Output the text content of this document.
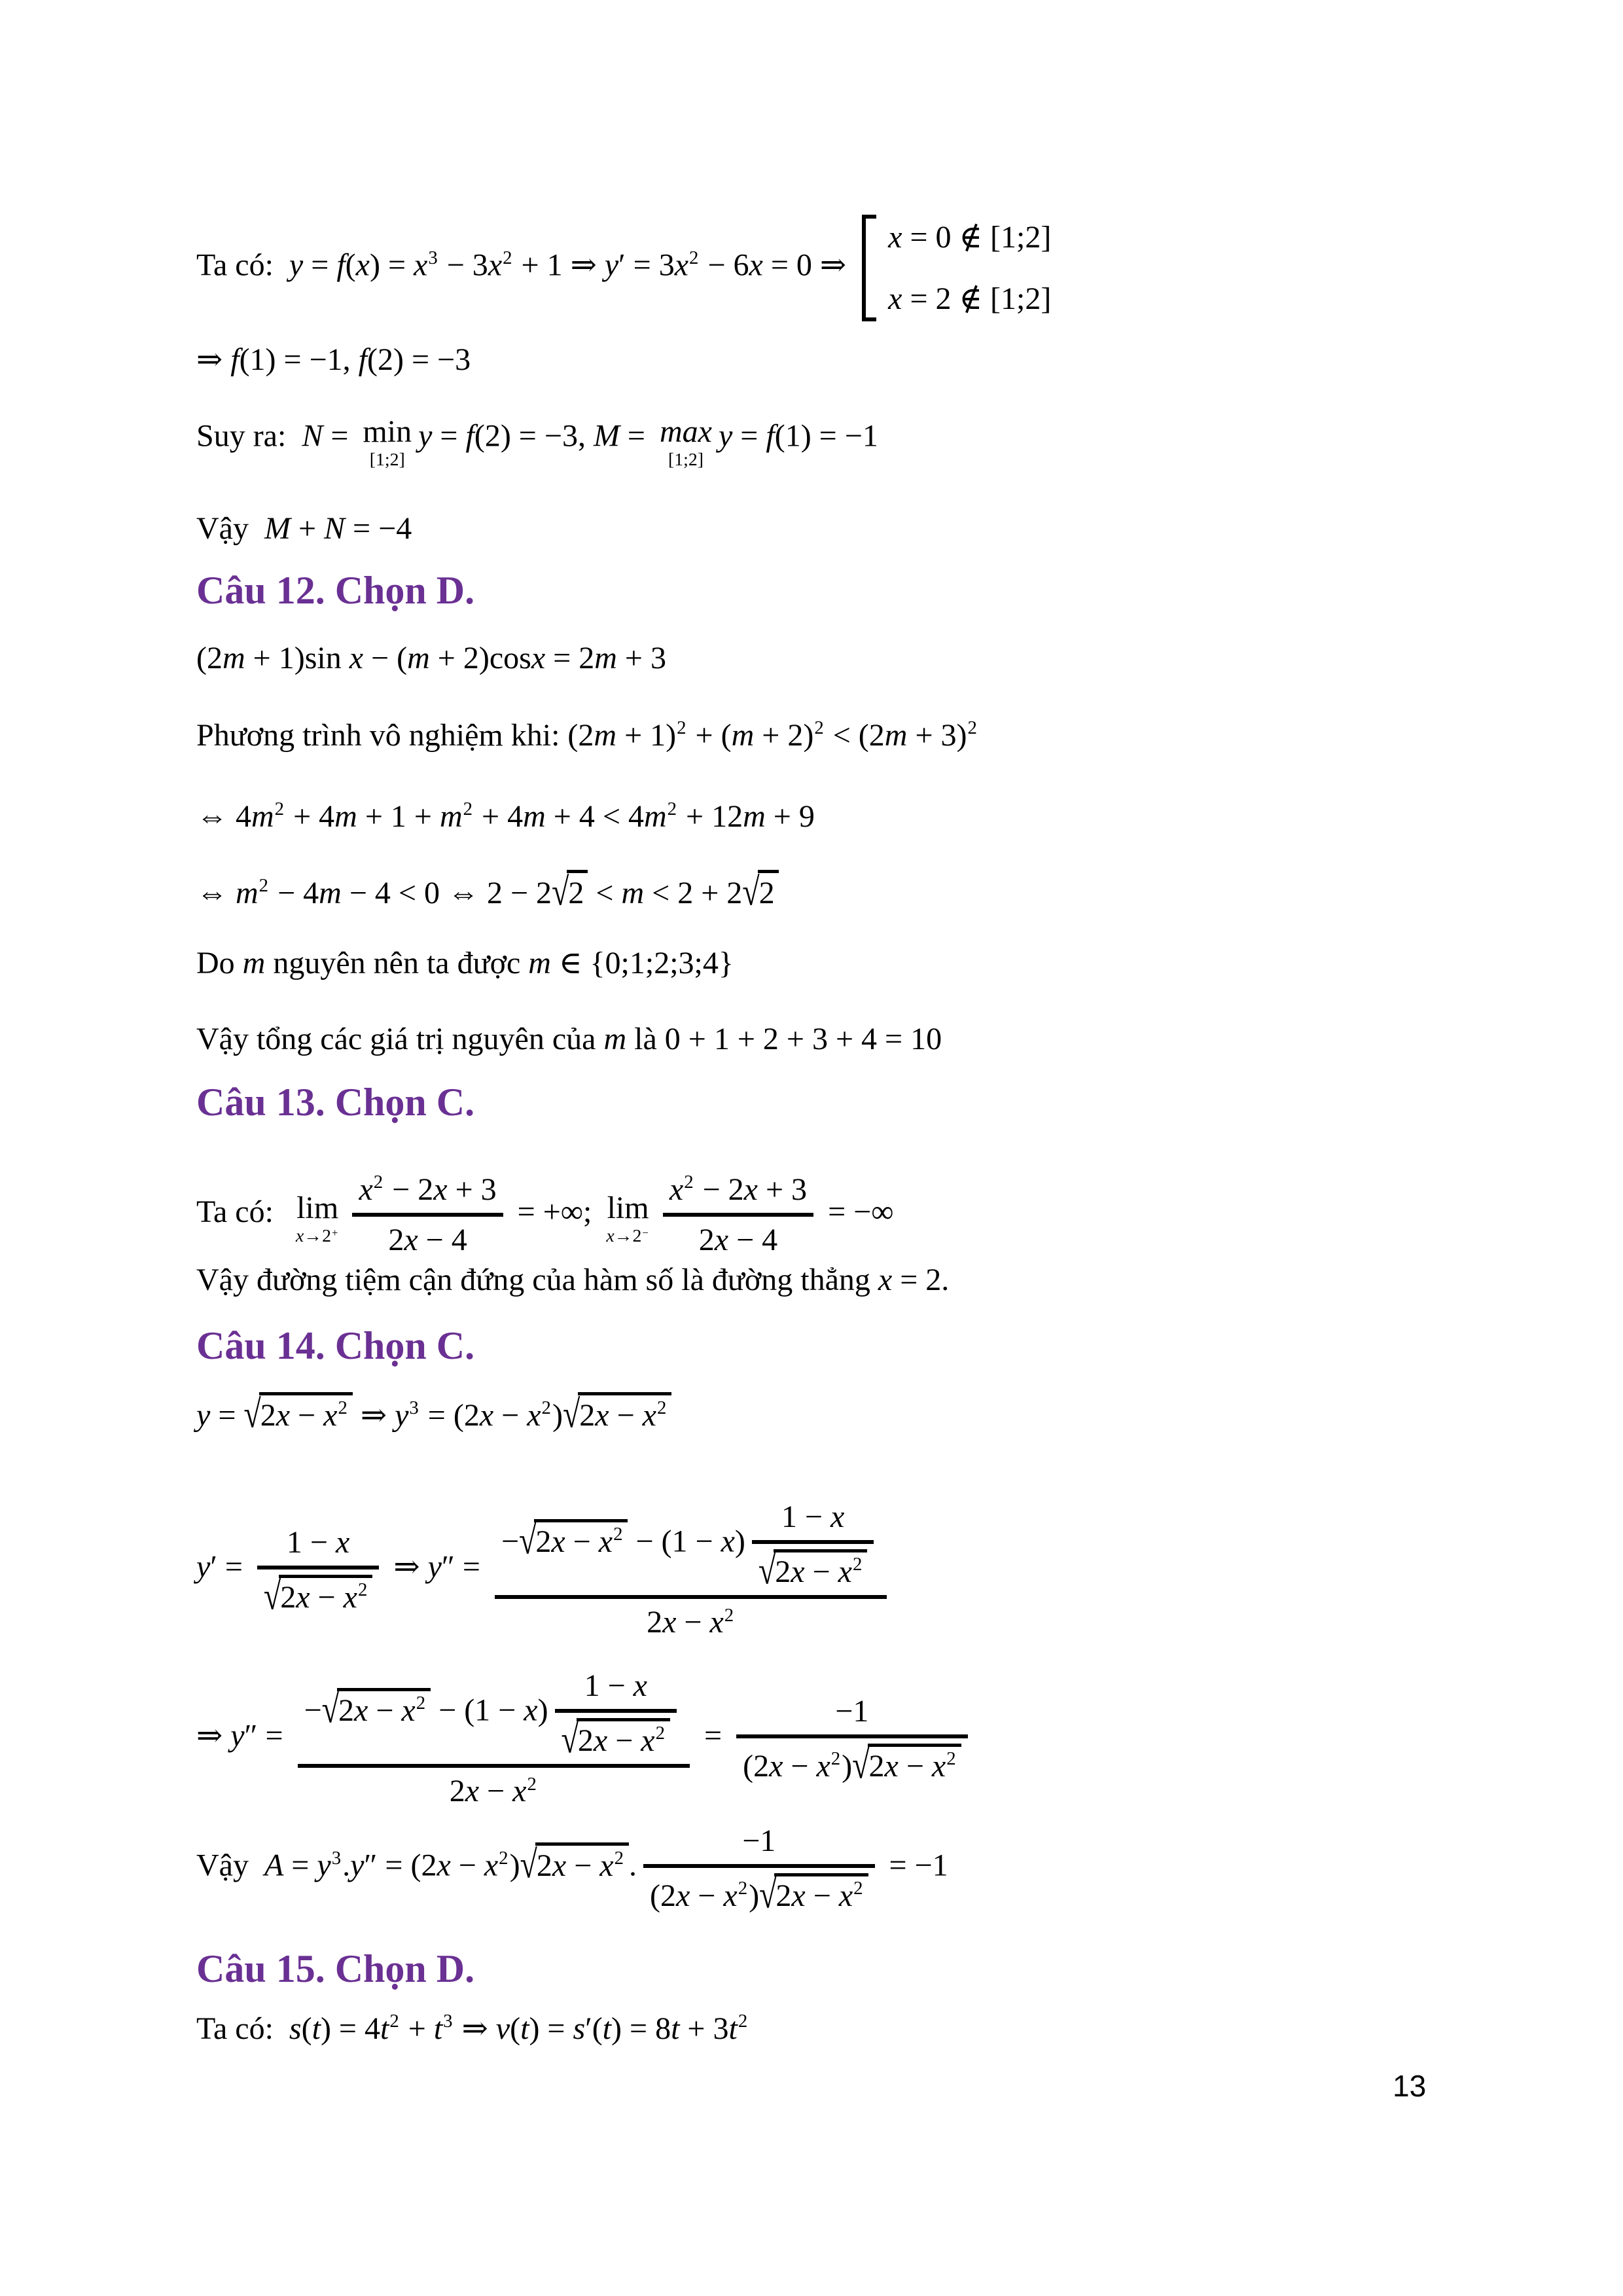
Ta có:  y = f(x) = x3 − 3x2 + 1 ⇒ y′ = 3x2 − 6x = 0 ⇒
x = 0 ∉ [1;2]
x = 2 ∉ [1;2]
⇒ f(1) = −1, f(2) = −3
Suy ra:  N = min
[1;2]
y = f(2) = −3, M = max
[1;2]
y = f(1) = −1
Vậy  M + N = −4
Câu 12. Chọn D.
(2m + 1)sin x − (m + 2)cosx = 2m + 3
Phương trình vô nghiệm khi: (2m + 1)2 + (m + 2)2 < (2m + 3)2
⇔ 4m2 + 4m + 1 + m2 + 4m + 4 < 4m2 + 12m + 9
⇔ m2 − 4m − 4 < 0 ⇔ 2 − 2√2 < m < 2 + 2√2
Do m nguyên nên ta được m ∈ {0;1;2;3;4}
Vậy tổng các giá trị nguyên của m là 0 + 1 + 2 + 3 + 4 = 10
Câu 13. Chọn C.
Ta có: lim
$x\to 2+ \frac{x2 - 2x + 3}{2x - 4}$ = +∞; lim
$x\to 2- \frac{x2 - 2x + 3}{2x - 4}$ = −∞
Vậy đường tiệm cận đứng của hàm số là đường thẳng x = 2.
Câu 14. Chọn C.
y = √2x − x2 ⇒ y3 = (2x − x2)√2x − x2
$y' = \frac{1 - x}{√2x - x2}$ ⇒ $y'' = \frac{-√2x - x2 - (1 - x) \frac{1 - x}{√2x - x2}}{2x - x2}$
⇒ $y'' = \frac{-√2x - x2 - (1 - x) \frac{1 - x}{√2x - x2}}{2x - x2} = \frac{-1}{(2x - x2)√2x - x2}$
Vậy  A = y3.y″ = (2x − x2)√2x − x2 . $\frac{-1}{(2x - x2)√2x - x2} = -1$
Câu 15. Chọn D.
Ta có:  s(t) = 4t2 + t3 ⇒ v(t) = s′(t) = 8t + 3t2
13
